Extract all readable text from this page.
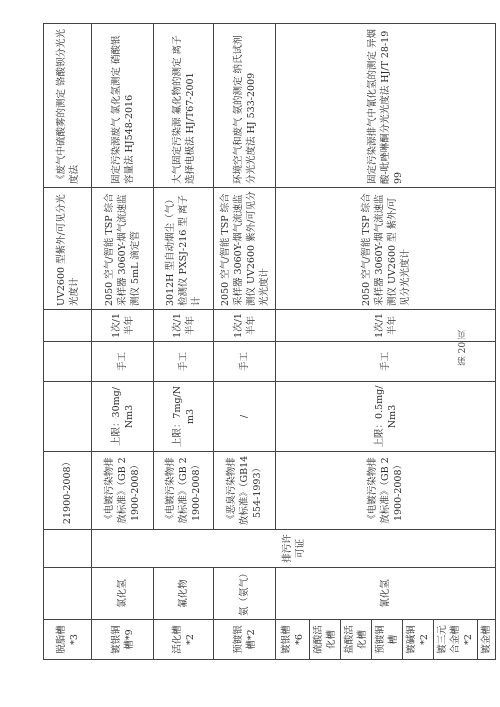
脱脂槽*3			21900-2008）				UV2600 型紫外/可见分光光度计	《废气中硫酸雾的测定 铬酸钡分光光度法
镀银铜槽*9	氯化氢	排污许可证	《电镀污染物排放标准》（GB 21900-2008）	上限：30mg/Nm3	手工	1次/1半年	2050 空气/智能 TSP 综合采样器 3060Y-烟气流速监测仪 5mL 滴定管	固定污染源废气 氯化氢测定 硝酸银容量法 HJ548-2016
活化槽*2	氟化物		《电镀污染物排放标准》（GB 21900-2008）	上限：7mg/Nm3	手工	1次/1半年	3012H 型自动烟尘（气）检测仪 PXSJ-216 型 离子计	大气固定污染源 氟化物的测定 离子选择电极法 HJ/T67-2001
预镀银槽*2	氨（氨气）		《恶臭污染物排放标准》（GB14554-1993）	/	手工	1次/1半年	2050 空气/智能 TSP 综合采样器 3060Y-烟气流速监测仪 UV2600 紫外/可见分光光度计	环境空气和废气 氨的测定 纳氏试剂分光光度法 HJ 533-2009
镀银槽*6	氰化氢		《电镀污染物排放标准》（GB 21900-2008）	上限：0.5mg/Nm3	手工	1次/1半年	2050 空气/智能 TSP 综合采样器 3060Y-烟气流速监测仪 UV2600 型 紫外/可见分光光度计	固定污染源排气中氰化氢的测定 异烟酸-吡唑啉酮分光光度法 HJ/T 28-1999
硫酸活化槽								
盐酸活化槽								
预镀铜槽								
镀碱铜*2								
镀三元合金槽*2								
镀金槽								
第 20 页
